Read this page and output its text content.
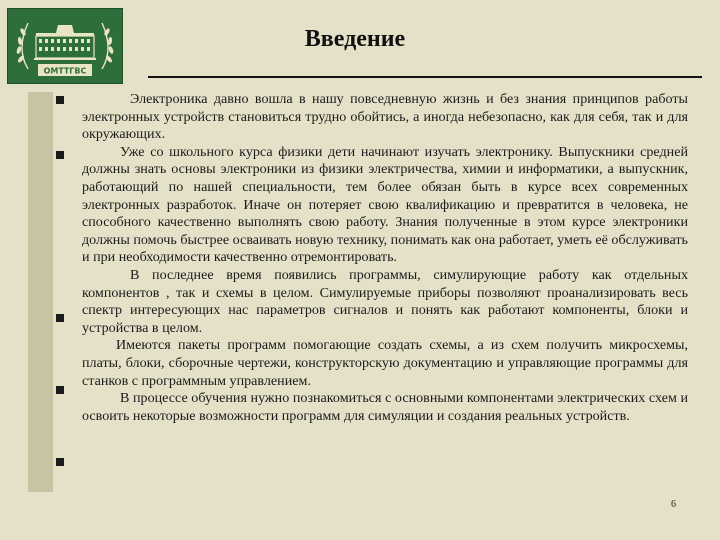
ОМТТГВС
Введение

Электроника давно вошла в нашу повседневную жизнь и без знания принципов работы электронных устройств становиться трудно обойтись, а иногда небезопасно, как для себя, так и для окружающих.

Уже со школьного курса физики дети начинают изучать электронику. Выпускники средней должны знать основы электроники из физики электричества, химии и информатики, а выпускник, работающий по нашей специальности, тем более обязан быть в курсе всех современных электронных разработок. Иначе он потеряет свою квалификацию и превратится в человека, не способного качественно выполнять свою работу. Знания полученные в этом курсе электроники должны помочь быстрее осваивать новую технику, понимать как она работает, уметь её обслуживать и при необходимости качественно отремонтировать.

В последнее время появились программы, симулирующие работу как отдельных компонентов , так и схемы в целом. Симулируемые приборы позволяют проанализировать весь спектр интересующих нас параметров сигналов и понять как работают компоненты, блоки и устройства в целом.

Имеются пакеты программ помогающие создать схемы, а из схем получить микросхемы, платы, блоки, сборочные чертежи, конструкторскую документацию и управляющие программы для станков с программным управлением.

В процессе обучения нужно познакомиться с основными компонентами электрических схем и освоить некоторые возможности программ для симуляции и создания реальных устройств.

6
